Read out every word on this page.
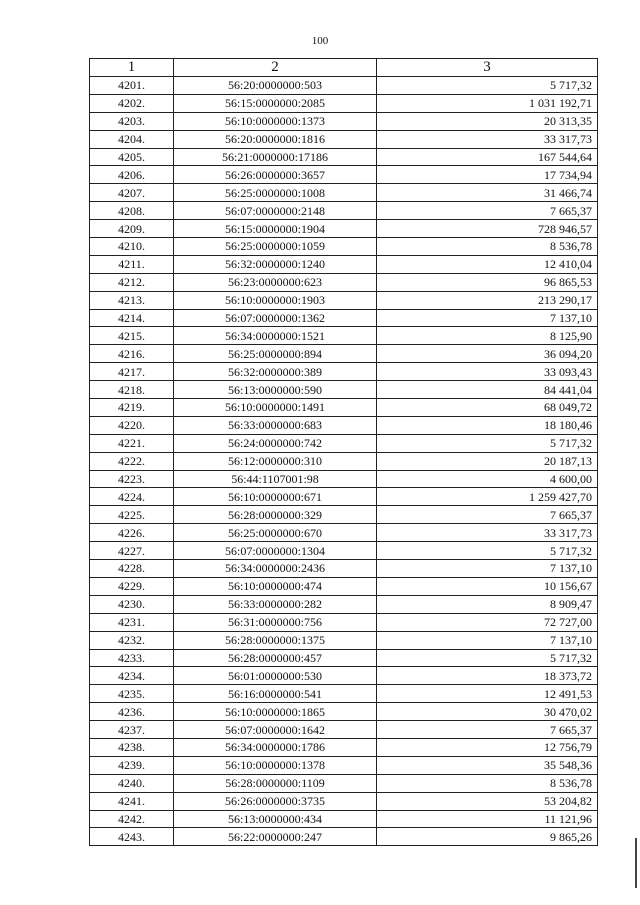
100
1	2	3
4201.	56:20:0000000:503	5 717,32
4202.	56:15:0000000:2085	1 031 192,71
4203.	56:10:0000000:1373	20 313,35
4204.	56:20:0000000:1816	33 317,73
4205.	56:21:0000000:17186	167 544,64
4206.	56:26:0000000:3657	17 734,94
4207.	56:25:0000000:1008	31 466,74
4208.	56:07:0000000:2148	7 665,37
4209.	56:15:0000000:1904	728 946,57
4210.	56:25:0000000:1059	8 536,78
4211.	56:32:0000000:1240	12 410,04
4212.	56:23:0000000:623	96 865,53
4213.	56:10:0000000:1903	213 290,17
4214.	56:07:0000000:1362	7 137,10
4215.	56:34:0000000:1521	8 125,90
4216.	56:25:0000000:894	36 094,20
4217.	56:32:0000000:389	33 093,43
4218.	56:13:0000000:590	84 441,04
4219.	56:10:0000000:1491	68 049,72
4220.	56:33:0000000:683	18 180,46
4221.	56:24:0000000:742	5 717,32
4222.	56:12:0000000:310	20 187,13
4223.	56:44:1107001:98	4 600,00
4224.	56:10:0000000:671	1 259 427,70
4225.	56:28:0000000:329	7 665,37
4226.	56:25:0000000:670	33 317,73
4227.	56:07:0000000:1304	5 717,32
4228.	56:34:0000000:2436	7 137,10
4229.	56:10:0000000:474	10 156,67
4230.	56:33:0000000:282	8 909,47
4231.	56:31:0000000:756	72 727,00
4232.	56:28:0000000:1375	7 137,10
4233.	56:28:0000000:457	5 717,32
4234.	56:01:0000000:530	18 373,72
4235.	56:16:0000000:541	12 491,53
4236.	56:10:0000000:1865	30 470,02
4237.	56:07:0000000:1642	7 665,37
4238.	56:34:0000000:1786	12 756,79
4239.	56:10:0000000:1378	35 548,36
4240.	56:28:0000000:1109	8 536,78
4241.	56:26:0000000:3735	53 204,82
4242.	56:13:0000000:434	11 121,96
4243.	56:22:0000000:247	9 865,26
